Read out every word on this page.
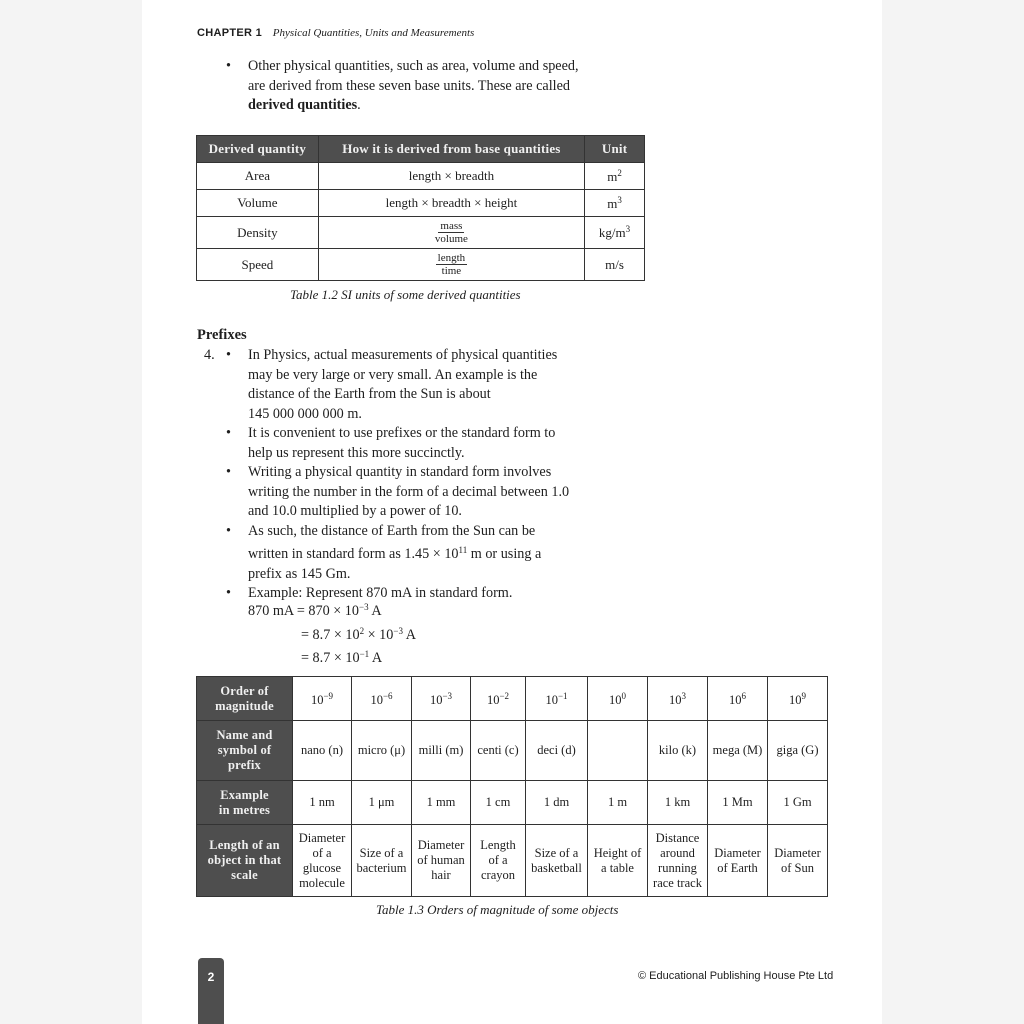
CHAPTER 1 Physical Quantities, Units and Measurements
•	Other physical quantities, such as area, volume and speed,
are derived from these seven base units. These are called
derived quantities.
Derived quantity	How it is derived from base quantities	Unit
Area	length × breadth	$m^2$
Volume	length × breadth × height	$m^3$
Density	$\frac{\text{mass}}{\text{volume}}$	$kg/m^3$
Speed	$\frac{\text{length}}{\text{time}}$	m/s
Table 1.2 SI units of some derived quantities
Prefixes
4. •	In Physics, actual measurements of physical quantities
may be very large or very small. An example is the
distance of the Earth from the Sun is about
145 000 000 000 m.
•	It is convenient to use prefixes or the standard form to
help us represent this more succinctly.
•	Writing a physical quantity in standard form involves
writing the number in the form of a decimal between 1.0
and 10.0 multiplied by a power of 10.
•	As such, the distance of Earth from the Sun can be
written in standard form as $1.45 \times 10^{11}$ m or using a
prefix as 145 Gm.
•	Example: Represent 870 mA in standard form.
870 mA = $870 \times 10^{-3}$ A
= $8.7 \times 10^2 \times 10^{-3}$ A
= $8.7 \times 10^{-1}$ A
Order of
magnitude	$10^{-9}$	$10^{-6}$	$10^{-3}$	$10^{-2}$	$10^{-1}$	$10^0$	$10^3$	$10^6$	$10^9$
Name and
symbol of
prefix	nano (n)	micro (μ)	milli (m)	centi (c)	deci (d)		kilo (k)	mega (M)	giga (G)
Example
in metres	1 nm	1 μm	1 mm	1 cm	1 dm	1 m	1 km	1 Mm	1 Gm
Length of an
object in that
scale	Diameter
of a
glucose
molecule	Size of a
bacterium	Diameter
of human
hair	Length
of a
crayon	Size of a
basketball	Height of
a table	Distance
around
running
race track	Diameter
of Earth	Diameter
of Sun
Table 1.3 Orders of magnitude of some objects
2	© Educational Publishing House Pte Ltd
